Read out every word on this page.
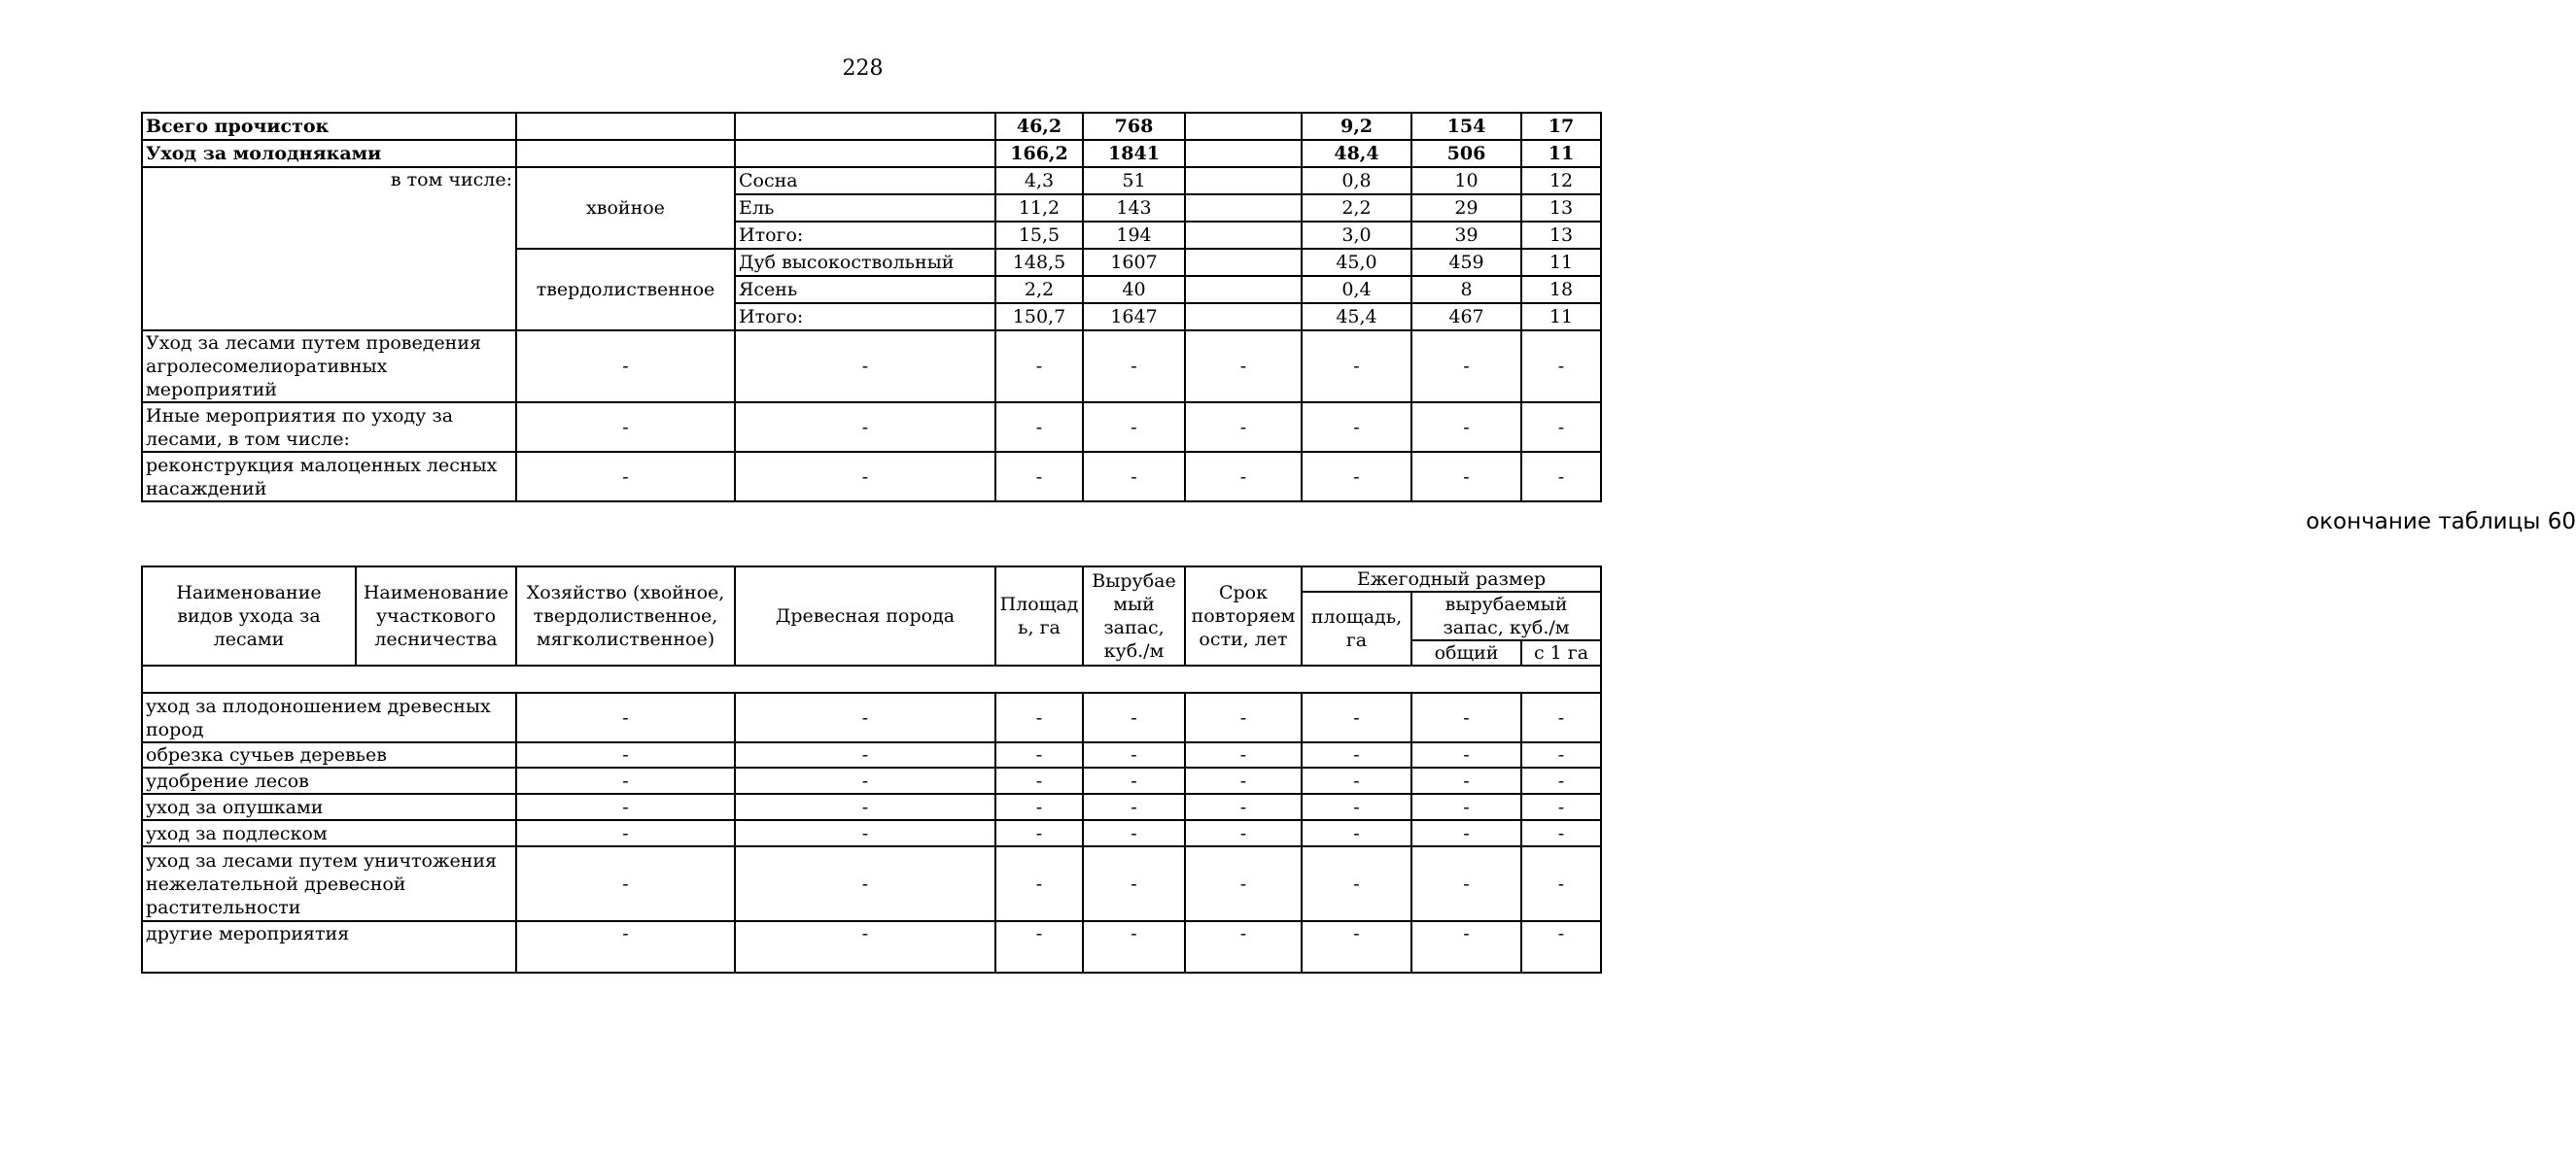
228
Всего прочисток			46,2	768		9,2	154	17
Уход за молодняками			166,2	1841		48,4	506	11
в том числе:	хвойное	Сосна	4,3	51		0,8	10	12
		Ель	11,2	143		2,2	29	13
		Итого:	15,5	194		3,0	39	13
	твердолиственное	Дуб высокоствольный	148,5	1607		45,0	459	11
		Ясень	2,2	40		0,4	8	18
		Итого:	150,7	1647		45,4	467	11
Уход за лесами путем проведения агролесомелиоративных мероприятий	-	-	-	-	-	-	-	-
Иные мероприятия по уходу за лесами, в том числе:	-	-	-	-	-	-	-	-
реконструкция малоценных лесных насаждений	-	-	-	-	-	-	-	-
окончание таблицы 60
Наименование видов ухода за лесами	Наименование участкового лесничества	Хозяйство (хвойное, твердолиственное, мягколиственное)	Древесная порода	Площад ь, га	Вырубае мый запас, куб./м	Срок повторяем ости, лет	Ежегодный размер		
							площадь, га	вырубаемый запас, куб./м	
								общий	с 1 га

уход за плодоношением древесных пород		-	-	-	-	-	-	-	-
обрезка сучьев деревьев		-	-	-	-	-	-	-	-
удобрение лесов		-	-	-	-	-	-	-	-
уход за опушками		-	-	-	-	-	-	-	-
уход за подлеском		-	-	-	-	-	-	-	-
уход за лесами путем уничтожения нежелательной древесной растительности		-	-	-	-	-	-	-	-
другие мероприятия		-	-	-	-	-	-	-	-
